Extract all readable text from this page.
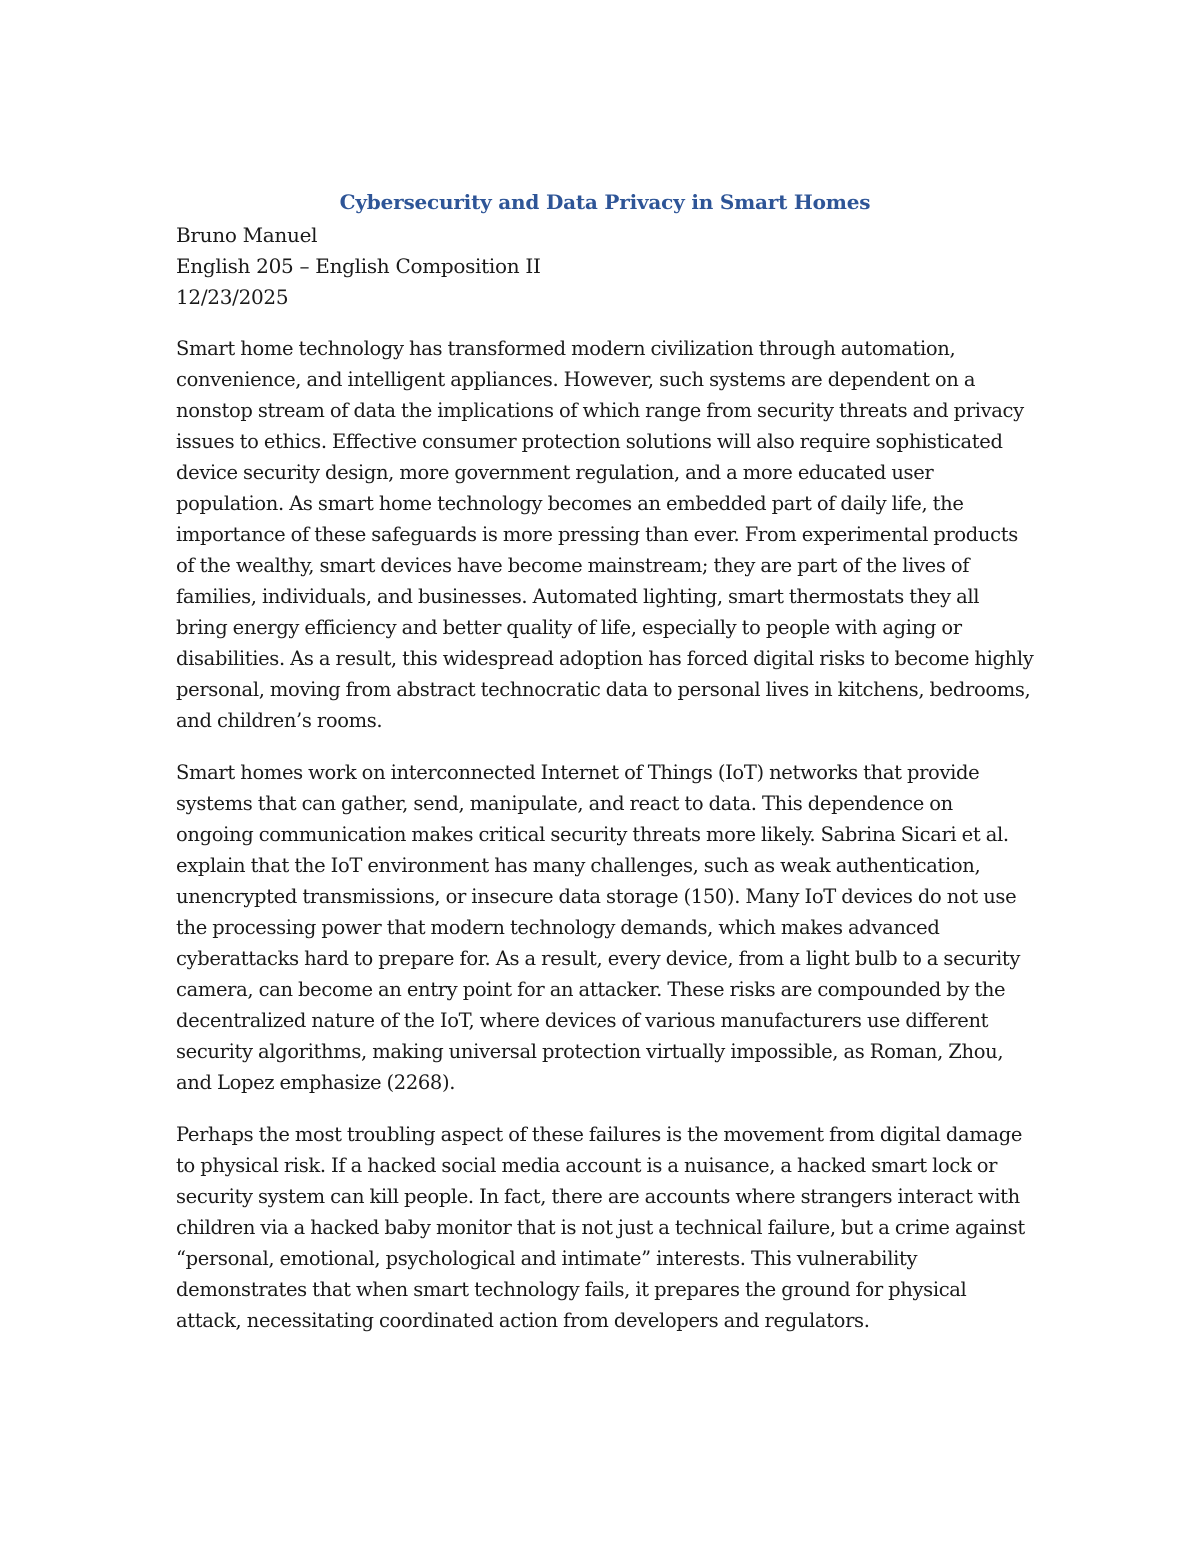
Cybersecurity and Data Privacy in Smart Homes

Bruno Manuel

English 205 – English Composition II

12/23/2025

Smart home technology has transformed modern civilization through automation, convenience, and intelligent appliances. However, such systems are dependent on a nonstop stream of data the implications of which range from security threats and privacy issues to ethics. Effective consumer protection solutions will also require sophisticated device security design, more government regulation, and a more educated user population. As smart home technology becomes an embedded part of daily life, the importance of these safeguards is more pressing than ever. From experimental products of the wealthy, smart devices have become mainstream; they are part of the lives of families, individuals, and businesses. Automated lighting, smart thermostats they all bring energy efficiency and better quality of life, especially to people with aging or disabilities. As a result, this widespread adoption has forced digital risks to become highly personal, moving from abstract technocratic data to personal lives in kitchens, bedrooms, and children’s rooms.

Smart homes work on interconnected Internet of Things (IoT) networks that provide systems that can gather, send, manipulate, and react to data. This dependence on ongoing communication makes critical security threats more likely. Sabrina Sicari et al. explain that the IoT environment has many challenges, such as weak authentication, unencrypted transmissions, or insecure data storage (150). Many IoT devices do not use the processing power that modern technology demands, which makes advanced cyberattacks hard to prepare for. As a result, every device, from a light bulb to a security camera, can become an entry point for an attacker. These risks are compounded by the decentralized nature of the IoT, where devices of various manufacturers use different security algorithms, making universal protection virtually impossible, as Roman, Zhou, and Lopez emphasize (2268).

Perhaps the most troubling aspect of these failures is the movement from digital damage to physical risk. If a hacked social media account is a nuisance, a hacked smart lock or security system can kill people. In fact, there are accounts where strangers interact with children via a hacked baby monitor that is not just a technical failure, but a crime against “personal, emotional, psychological and intimate” interests. This vulnerability demonstrates that when smart technology fails, it prepares the ground for physical attack, necessitating coordinated action from developers and regulators.
